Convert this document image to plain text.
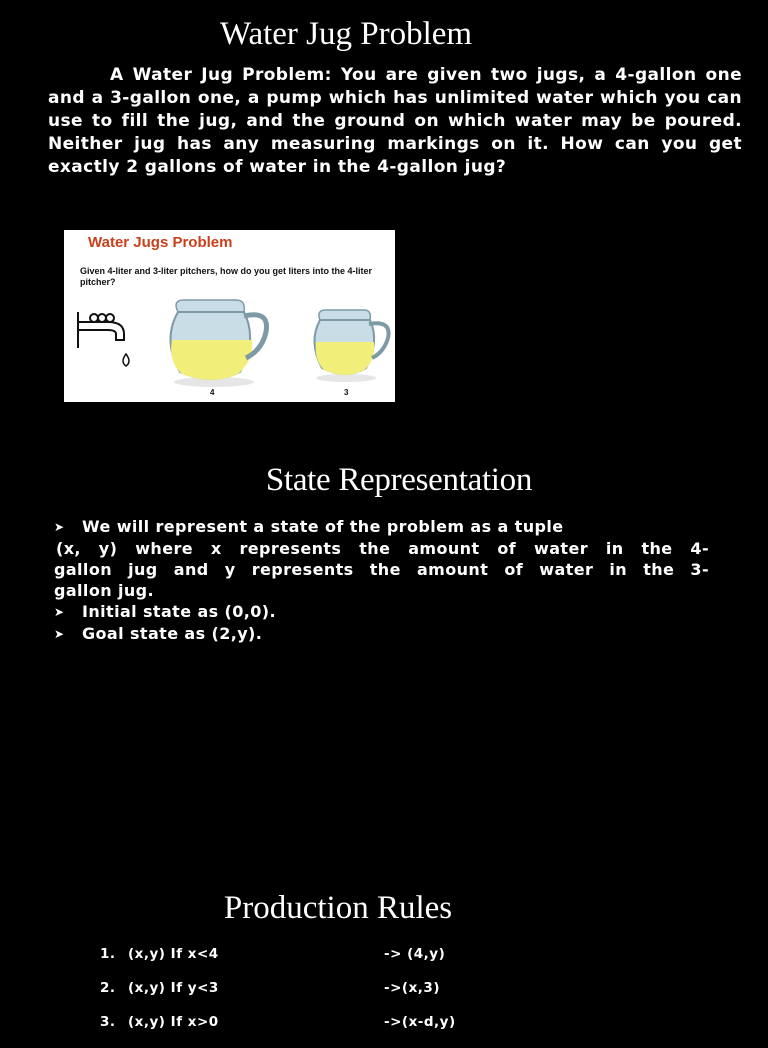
Water Jug Problem

A Water Jug Problem: You are given two jugs, a 4-gallon one and a 3-gallon one, a pump which has unlimited water which you can use to fill the jug, and the ground on which water may be poured. Neither jug has any measuring markings on it. How can you get exactly 2 gallons of water in the 4-gallon jug?

Water Jugs Problem
Given 4-liter and 3-liter pitchers, how do you get liters into the 4-liter pitcher?
4	3
State Representation
➤ We will represent a state of the problem as a tuple
(x, y) where x represents the amount of water in the 4-
gallon jug and y represents the amount of water in the 3-
gallon jug.
➤ Initial state as (0,0).
➤ Goal state as (2,y).
Production Rules
1. (x,y) If x<4	-> (4,y)
2. (x,y) If y<3	->(x,3)
3. (x,y) If x>0	->(x-d,y)
